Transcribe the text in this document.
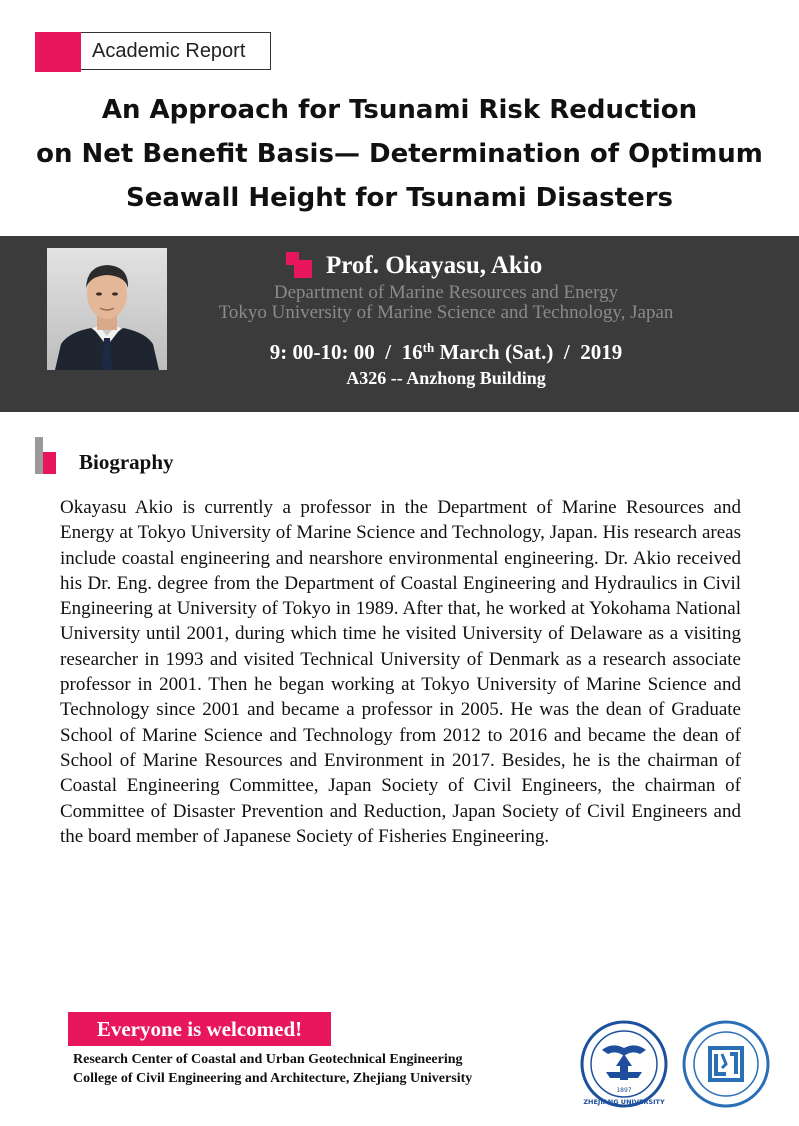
Academic Report
An Approach for Tsunami Risk Reduction
on Net Benefit Basis— Determination of Optimum
Seawall Height for Tsunami Disasters
Prof. Okayasu, Akio
Department of Marine Resources and Energy
Tokyo University of Marine Science and Technology, Japan
9: 00-10: 00 / 16th March (Sat.) / 2019
A326 -- Anzhong Building
Biography
Okayasu Akio is currently a professor in the Department of Marine Resources and Energy at Tokyo University of Marine Science and Technology, Japan. His research areas include coastal engineering and nearshore environmental engineering. Dr. Akio received his Dr. Eng. degree from the Department of Coastal Engineering and Hydraulics in Civil Engineering at University of Tokyo in 1989. After that, he worked at Yokohama National University until 2001, during which time he visited University of Delaware as a visiting researcher in 1993 and visited Technical University of Denmark as a research associate professor in 2001. Then he began working at Tokyo University of Marine Science and Technology since 2001 and became a professor in 2005. He was the dean of Graduate School of Marine Science and Technology from 2012 to 2016 and became the dean of School of Marine Resources and Environment in 2017. Besides, he is the chairman of Coastal Engineering Committee, Japan Society of Civil Engineers, the chairman of Committee of Disaster Prevention and Reduction, Japan Society of Civil Engineers and the board member of Japanese Society of Fisheries Engineering.
Everyone is welcomed!
Research Center of Coastal and Urban Geotechnical Engineering
College of Civil Engineering and Architecture, Zhejiang University
1897
ZHEJIANG UNIVERSITY
